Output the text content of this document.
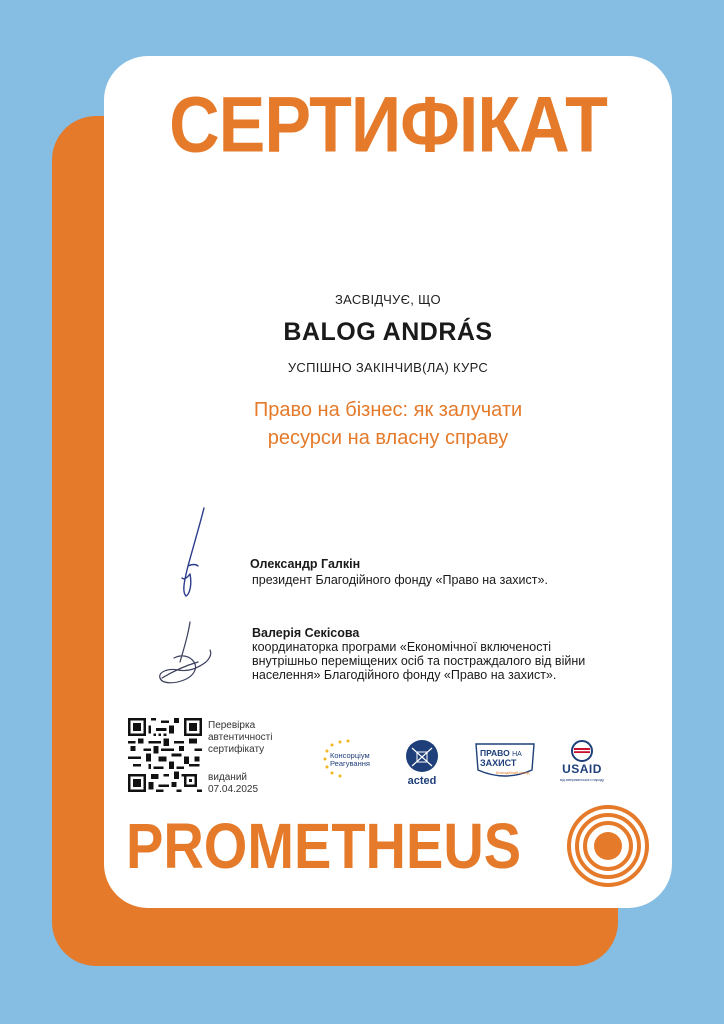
СЕРТИФІКАТ
ЗАСВІДЧУЄ, ЩО
BALOG ANDRÁS
УСПІШНО ЗАКІНЧИВ(ЛА) КУРС
Право на бізнес: як залучати ресурси на власну справу
Олександр Галкін
президент Благодійного фонду «Право на захист».
Валерія Секісова
координаторка програми «Економічної включеності внутрішньо переміщених осіб та постраждалого від війни населення» Благодійного фонду «Право на захист».
Перевірка автентичності сертифікату
виданий
07.04.2025
Консорціум Реагування
acted
ПРАВО НА
ЗАХИСТ
благодійний фонд	USAID
від американського народу
PROMETHEUS
